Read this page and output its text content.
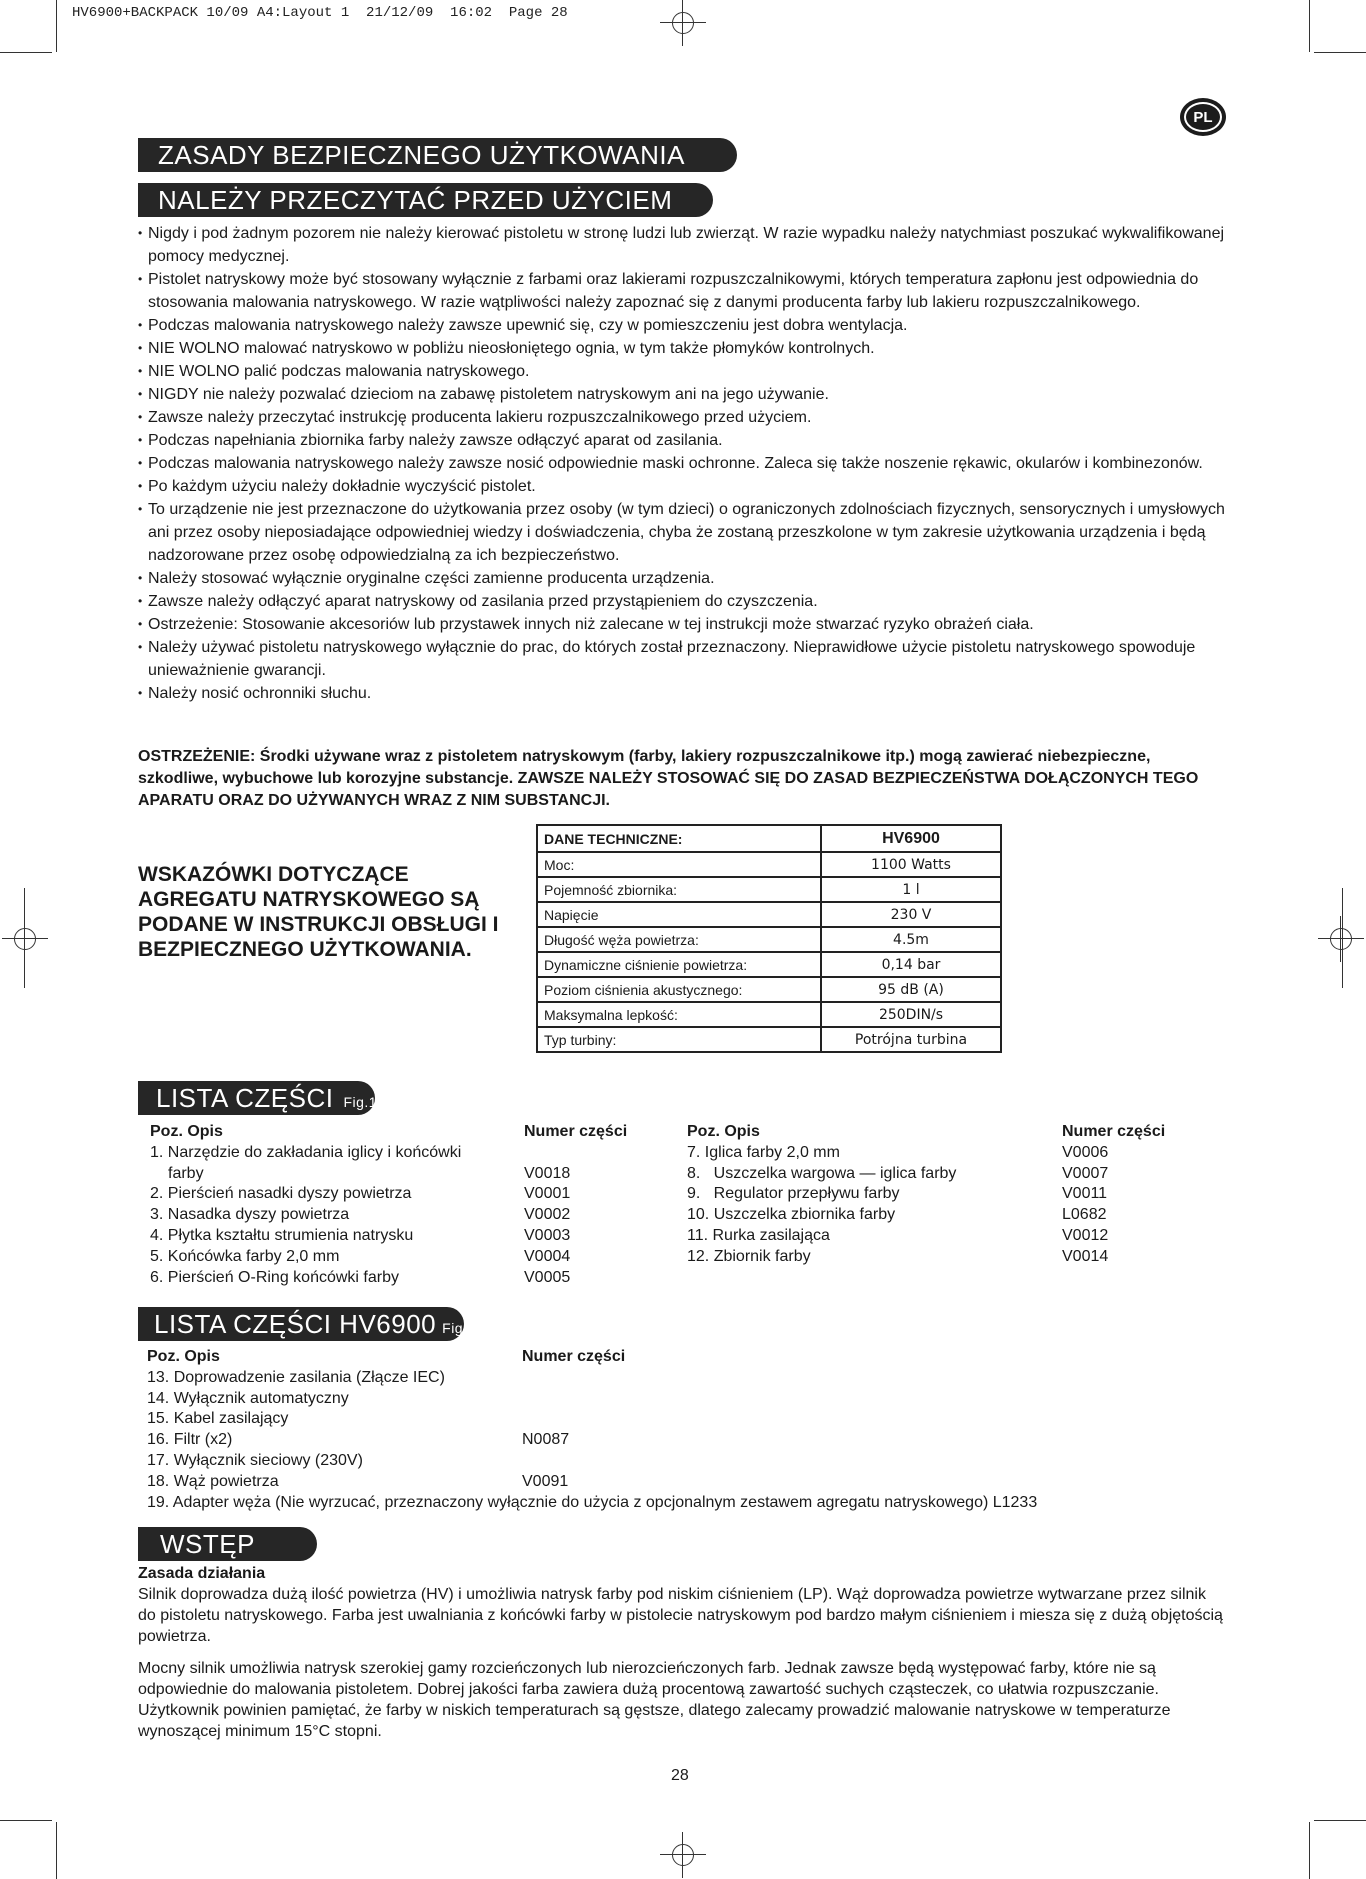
HV6900+BACKPACK 10/09 A4:Layout 1  21/12/09  16:02  Page 28
PL
ZASADY BEZPIECZNEGO UŻYTKOWANIA
NALEŻY PRZECZYTAĆ PRZED UŻYCIEM
• Nigdy i pod żadnym pozorem nie należy kierować pistoletu w stronę ludzi lub zwierząt. W razie wypadku należy natychmiast poszukać wykwalifikowanej pomocy medycznej.
• Pistolet natryskowy może być stosowany wyłącznie z farbami oraz lakierami rozpuszczalnikowymi, których temperatura zapłonu jest odpowiednia do stosowania malowania natryskowego. W razie wątpliwości należy zapoznać się z danymi producenta farby lub lakieru rozpuszczalnikowego.
• Podczas malowania natryskowego należy zawsze upewnić się, czy w pomieszczeniu jest dobra wentylacja.
• NIE WOLNO malować natryskowo w pobliżu nieosłoniętego ognia, w tym także płomyków kontrolnych.
• NIE WOLNO palić podczas malowania natryskowego.
• NIGDY nie należy pozwalać dzieciom na zabawę pistoletem natryskowym ani na jego używanie.
• Zawsze należy przeczytać instrukcję producenta lakieru rozpuszczalnikowego przed użyciem.
• Podczas napełniania zbiornika farby należy zawsze odłączyć aparat od zasilania.
• Podczas malowania natryskowego należy zawsze nosić odpowiednie maski ochronne. Zaleca się także noszenie rękawic, okularów i kombinezonów.
• Po każdym użyciu należy dokładnie wyczyścić pistolet.
• To urządzenie nie jest przeznaczone do użytkowania przez osoby (w tym dzieci) o ograniczonych zdolnościach fizycznych, sensorycznych i umysłowych ani przez osoby nieposiadające odpowiedniej wiedzy i doświadczenia, chyba że zostaną przeszkolone w tym zakresie użytkowania urządzenia i będą nadzorowane przez osobę odpowiedzialną za ich bezpieczeństwo.
• Należy stosować wyłącznie oryginalne części zamienne producenta urządzenia.
• Zawsze należy odłączyć aparat natryskowy od zasilania przed przystąpieniem do czyszczenia.
• Ostrzeżenie: Stosowanie akcesoriów lub przystawek innych niż zalecane w tej instrukcji może stwarzać ryzyko obrażeń ciała.
• Należy używać pistoletu natryskowego wyłącznie do prac, do których został przeznaczony. Nieprawidłowe użycie pistoletu natryskowego spowoduje unieważnienie gwarancji.
• Należy nosić ochronniki słuchu.
OSTRZEŻENIE: Środki używane wraz z pistoletem natryskowym (farby, lakiery rozpuszczalnikowe itp.) mogą zawierać niebezpieczne, szkodliwe, wybuchowe lub korozyjne substancje. ZAWSZE NALEŻY STOSOWAĆ SIĘ DO ZASAD BEZPIECZEŃSTWA DOŁĄCZONYCH TEGO APARATU ORAZ DO UŻYWANYCH WRAZ Z NIM SUBSTANCJI.
WSKAZÓWKI DOTYCZĄCE AGREGATU NATRYSKOWEGO SĄ PODANE W INSTRUKCJI OBSŁUGI I BEZPIECZNEGO UŻYTKOWANIA.
DANE TECHNICZNE:	HV6900
Moc:	1100 Watts
Pojemność zbiornika:	1 l
Napięcie	230 V
Długość węża powietrza:	4.5m
Dynamiczne ciśnienie powietrza:	0,14 bar
Poziom ciśnienia akustycznego:	95 dB (A)
Maksymalna lepkość:	250DIN/s
Typ turbiny:	Potrójna turbina
LISTA CZĘŚCI Fig.1
Poz. Opis	Numer części
1. Narzędzie do zakładania iglicy i końcówki
farby	V0018
2. Pierścień nasadki dyszy powietrza	V0001
3. Nasadka dyszy powietrza	V0002
4. Płytka kształtu strumienia natrysku	V0003
5. Końcówka farby 2,0 mm	V0004
6. Pierścień O-Ring końcówki farby	V0005
Poz. Opis	Numer części
7. Iglica farby 2,0 mm	V0006
8.   Uszczelka wargowa — iglica farby	V0007
9.   Regulator przepływu farby	V0011
10. Uszczelka zbiornika farby	L0682
11. Rurka zasilająca	V0012
12. Zbiornik farby	V0014
LISTA CZĘŚCI HV6900 Fig.2
Poz. Opis	Numer części
13. Doprowadzenie zasilania (Złącze IEC)
14. Wyłącznik automatyczny
15. Kabel zasilający
16. Filtr (x2)	N0087
17. Wyłącznik sieciowy (230V)
18. Wąż powietrza	V0091
19. Adapter węża (Nie wyrzucać, przeznaczony wyłącznie do użycia z opcjonalnym zestawem agregatu natryskowego) L1233
WSTĘP
Zasada działania
Silnik doprowadza dużą ilość powietrza (HV) i umożliwia natrysk farby pod niskim ciśnieniem (LP). Wąż doprowadza powietrze wytwarzane przez silnik do pistoletu natryskowego. Farba jest uwalniania z końcówki farby w pistolecie natryskowym pod bardzo małym ciśnieniem i miesza się z dużą objętością powietrza.
Mocny silnik umożliwia natrysk szerokiej gamy rozcieńczonych lub nierozcieńczonych farb. Jednak zawsze będą występować farby, które nie są odpowiednie do malowania pistoletem. Dobrej jakości farba zawiera dużą procentową zawartość suchych cząsteczek, co ułatwia rozpuszczanie. Użytkownik powinien pamiętać, że farby w niskich temperaturach są gęstsze, dlatego zalecamy prowadzić malowanie natryskowe w temperaturze wynoszącej minimum 15°C stopni.
28
